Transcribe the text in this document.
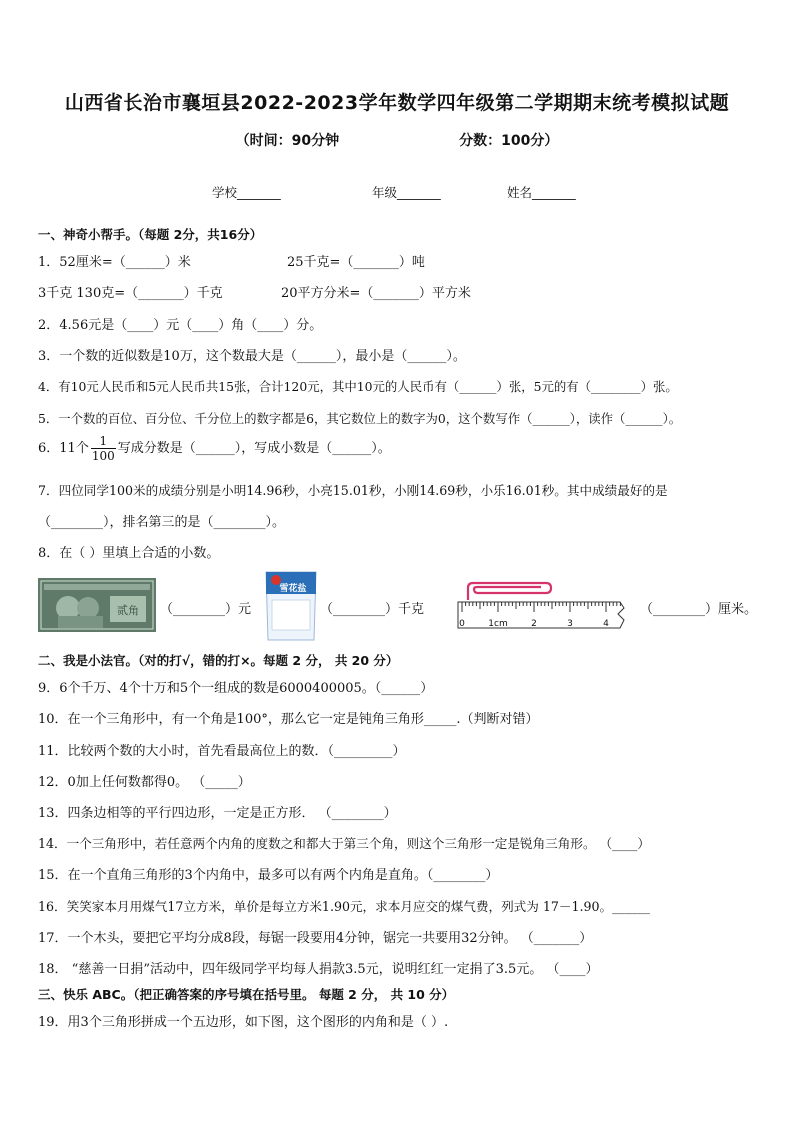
山西省长治市襄垣县2022-2023学年数学四年级第二学期期末统考模拟试题
（时间：90分钟	分数：100分）
学校_______	年级_______	姓名_______
一、神奇小帮手。（每题 2分，共16分）
1．52厘米=（______）米	25千克=（_______）吨
3千克 130克=（_______）千克	20平方分米=（_______）平方米
2．4.56元是（____）元（____）角（____）分。
3．一个数的近似数是10万，这个数最大是（______），最小是（______）。
4．有10元人民币和5元人民币共15张，合计120元，其中10元的人民币有（______）张，5元的有（________）张。
5．一个数的百位、百分位、千分位上的数字都是6，其它数位上的数字为0，这个数写作（______），读作（______）。
6．11个 $\frac{1}{100}$ 写成分数是（______），写成小数是（______）。
7．四位同学100米的成绩分别是小明14.96秒，小亮15.01秒，小刚14.69秒，小乐16.01秒。其中成绩最好的是
（________），排名第三的是（________）。
8．在（ ）里填上合适的小数。
贰角 （________）元
雪花盐
（________）千克
0	1cm	2	3	4
（________）厘米。
二、我是小法官。（对的打√，错的打×。每题 2 分， 共 20 分）
9．6个千万、4个十万和5个一组成的数是6000400005。（______）
10．在一个三角形中，有一个角是100°，那么它一定是钝角三角形_____.（判断对错）
11．比较两个数的大小时，首先看最高位上的数．（_________）
12．0加上任何数都得0。 （_____）
13．四条边相等的平行四边形，一定是正方形． （________）
14．一个三角形中，若任意两个内角的度数之和都大于第三个角，则这个三角形一定是锐角三角形。 （____）
15．在一个直角三角形的3个内角中，最多可以有两个内角是直角。（________）
16．笑笑家本月用煤气17立方米，单价是每立方米1.90元，求本月应交的煤气费，列式为 17－1.90。______
17．一个木头，要把它平均分成8段，每锯一段要用4分钟，锯完一共要用32分钟。 （_______）
18． “慈善一日捐”活动中，四年级同学平均每人捐款3.5元，说明红红一定捐了3.5元。 （____）
三、快乐 ABC。（把正确答案的序号填在括号里。 每题 2 分， 共 10 分）
19．用3个三角形拼成一个五边形，如下图，这个图形的内角和是（ ）.
